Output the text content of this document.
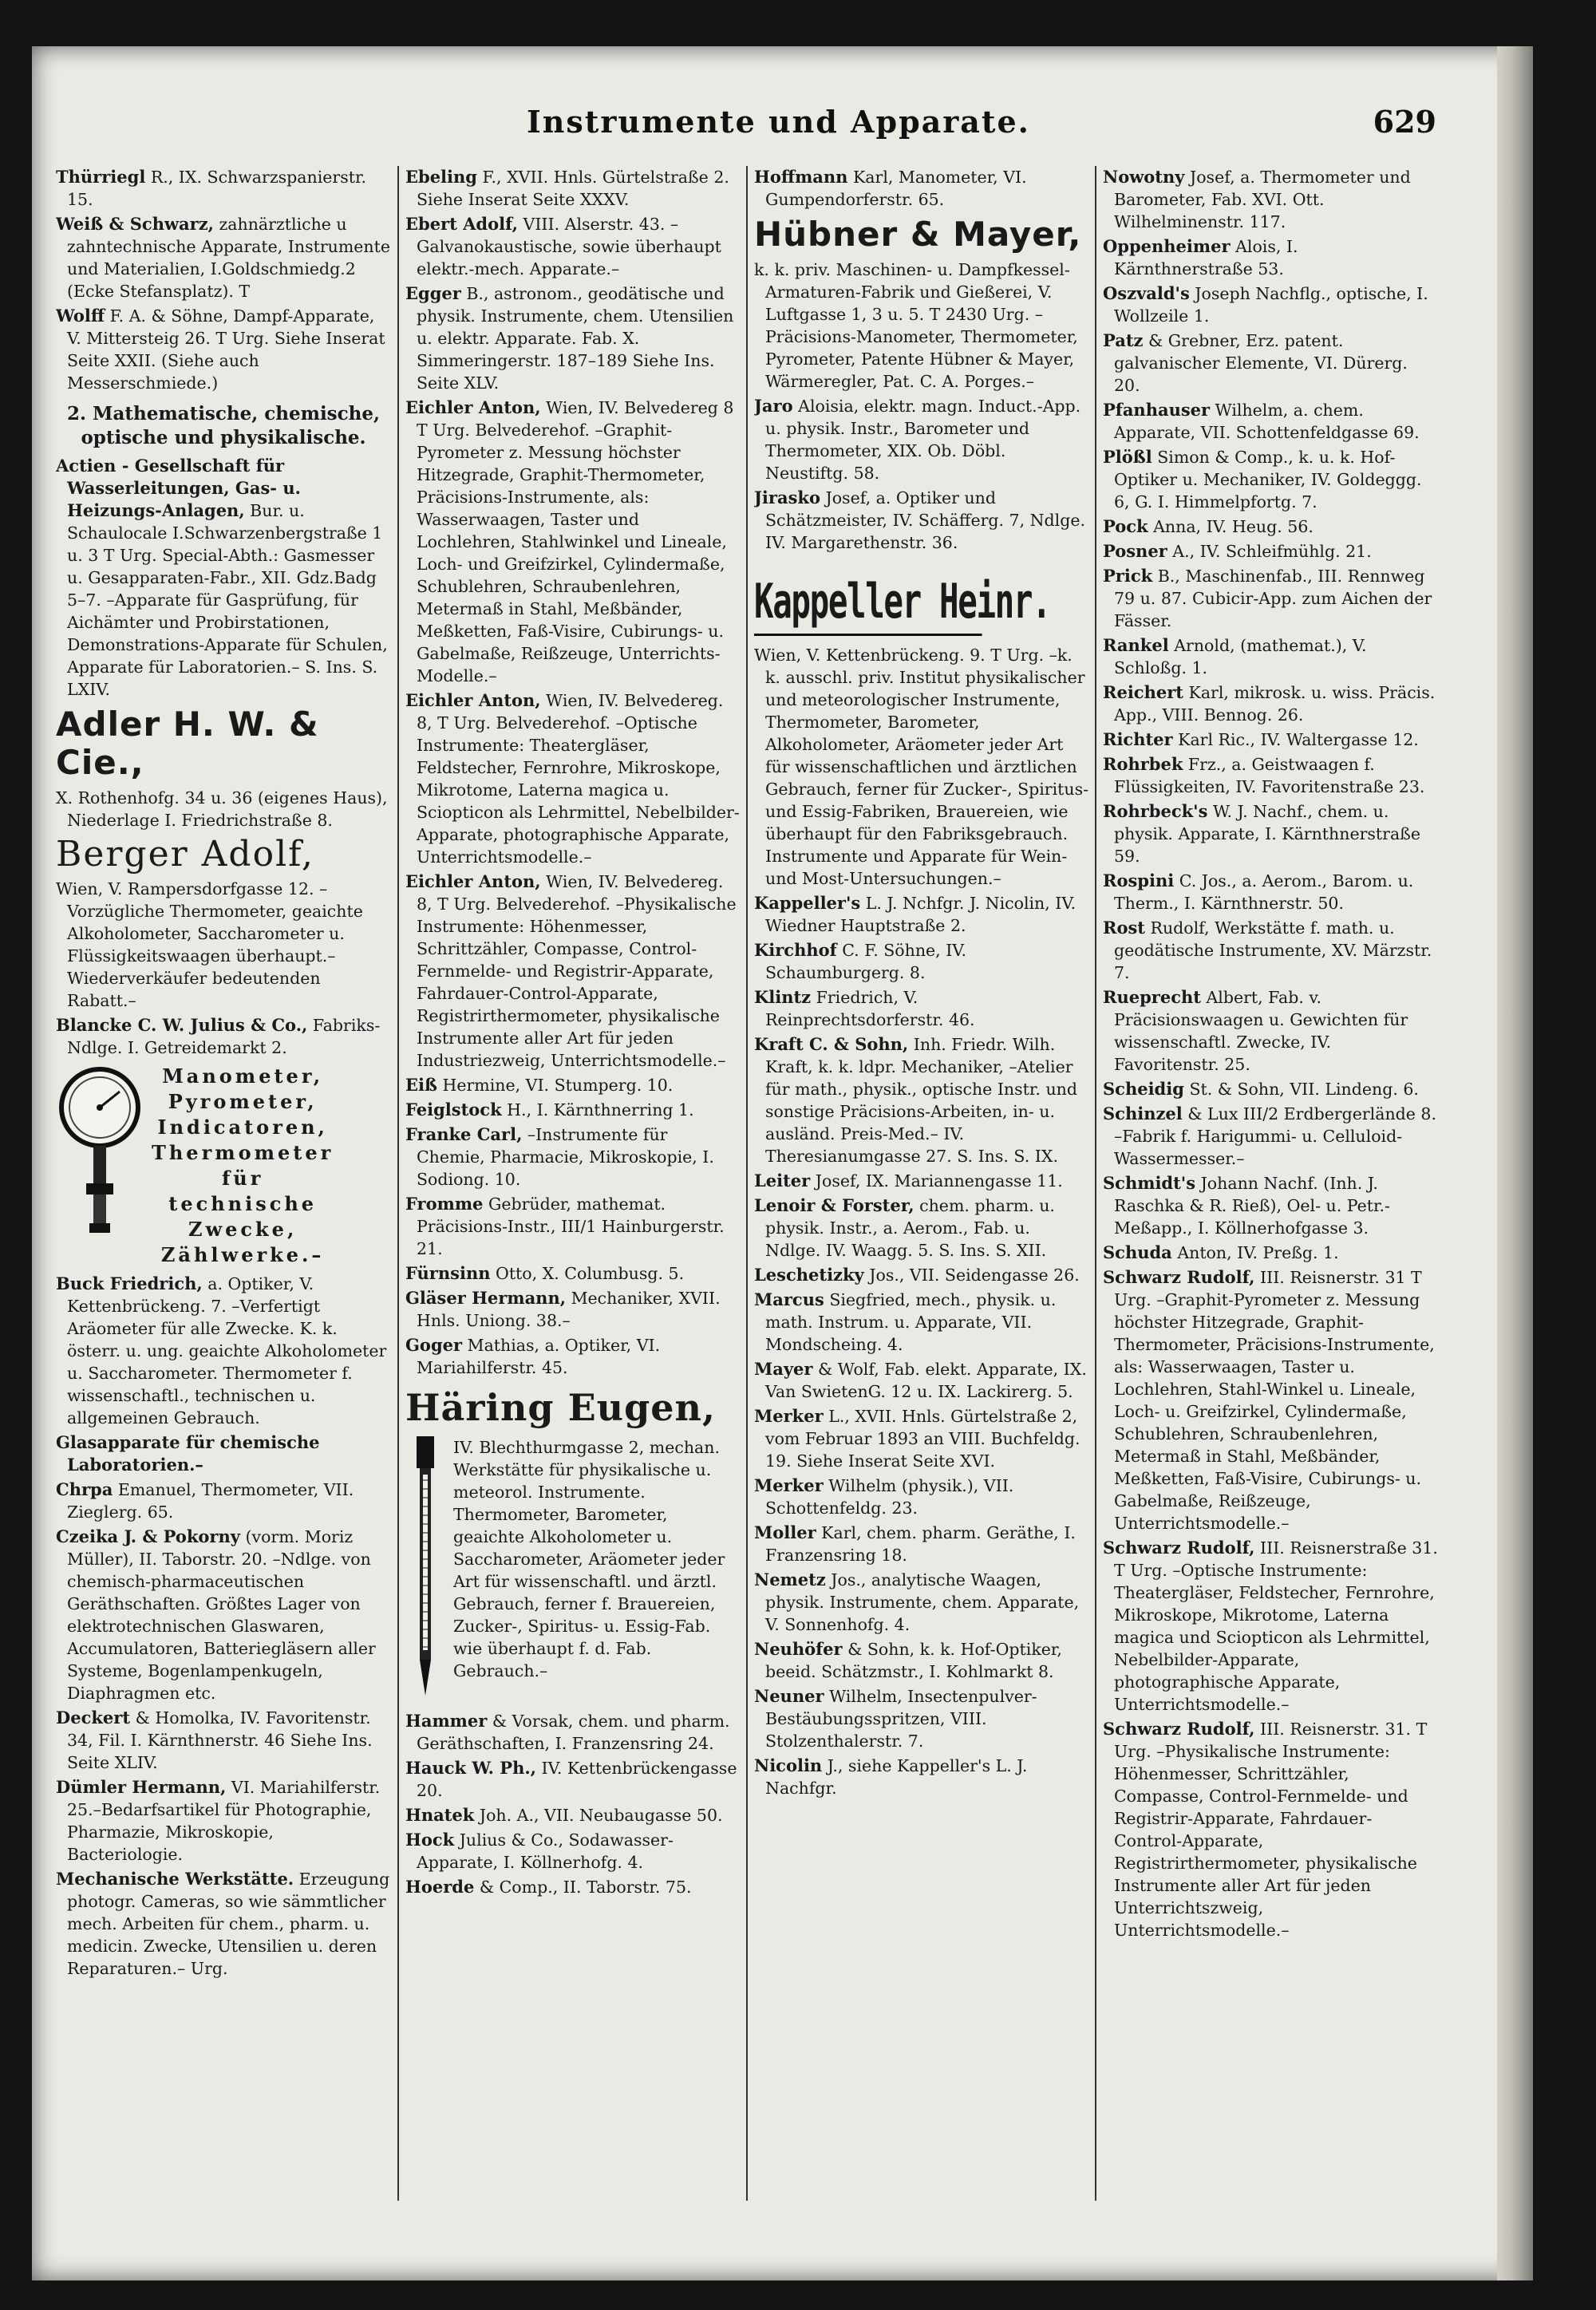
Instrumente und Apparate.	629
Thürriegl R., IX. Schwarzspanierstr. 15.
Weiß & Schwarz, zahnärztliche u zahntechnische Apparate, Instrumente und Materialien, I.Goldschmiedg.2 (Ecke Stefansplatz). T
Wolff F. A. & Söhne, Dampf-Apparate, V. Mittersteig 26. T Urg. Siehe Inserat Seite XXII. (Siehe auch Messerschmiede.)
2. Mathematische, chemische, optische und physikalische.
Actien - Gesellschaft für Wasserleitungen, Gas- u. Heizungs-Anlagen, Bur. u. Schaulocale I.Schwarzenbergstraße 1 u. 3 T Urg. Special-Abth.: Gasmesser u. Gesapparaten-Fabr., XII. Gdz.Badg 5–7. –Apparate für Gasprüfung, für Aichämter und Probirstationen, Demonstrations-Apparate für Schulen, Apparate für Laboratorien.– S. Ins. S. LXIV.
Adler H. W. & Cie.,
X. Rothenhofg. 34 u. 36 (eigenes Haus), Niederlage I. Friedrichstraße 8.
Berger Adolf,
Wien, V. Rampersdorfgasse 12. –Vorzügliche Thermometer, geaichte Alkoholometer, Saccharometer u. Flüssigkeitswaagen überhaupt.– Wiederverkäufer bedeutenden Rabatt.–
Blancke C. W. Julius & Co., Fabriks-Ndlge. I. Getreidemarkt 2.
Manometer,
Pyrometer,
Indicatoren,
Thermometer
für
technische
Zwecke,
Zählwerke.–
Buck Friedrich, a. Optiker, V. Kettenbrückeng. 7. –Verfertigt Aräometer für alle Zwecke. K. k. österr. u. ung. geaichte Alkoholometer u. Saccharometer. Thermometer f. wissenschaftl., technischen u. allgemeinen Gebrauch.
Glasapparate für chemische Laboratorien.–
Chrpa Emanuel, Thermometer, VII. Zieglerg. 65.
Czeika J. & Pokorny (vorm. Moriz Müller), II. Taborstr. 20. –Ndlge. von chemisch-pharmaceutischen Geräthschaften. Größtes Lager von elektrotechnischen Glaswaren, Accumulatoren, Batteriegläsern aller Systeme, Bogenlampenkugeln, Diaphragmen etc.
Deckert & Homolka, IV. Favoritenstr. 34, Fil. I. Kärnthnerstr. 46 Siehe Ins. Seite XLIV.
Dümler Hermann, VI. Mariahilferstr. 25.–Bedarfsartikel für Photographie, Pharmazie, Mikroskopie, Bacteriologie.
Mechanische Werkstätte. Erzeugung photogr. Cameras, so wie sämmtlicher mech. Arbeiten für chem., pharm. u. medicin. Zwecke, Utensilien u. deren Reparaturen.– Urg.
Ebeling F., XVII. Hnls. Gürtelstraße 2. Siehe Inserat Seite XXXV.
Ebert Adolf, VIII. Alserstr. 43. –Galvanokaustische, sowie überhaupt elektr.-mech. Apparate.–
Egger B., astronom., geodätische und physik. Instrumente, chem. Utensilien u. elektr. Apparate. Fab. X. Simmeringerstr. 187–189 Siehe Ins. Seite XLV.
Eichler Anton, Wien, IV. Belvedereg 8 T Urg. Belvederehof. –Graphit-Pyrometer z. Messung höchster Hitzegrade, Graphit-Thermometer, Präcisions-Instrumente, als: Wasserwaagen, Taster und Lochlehren, Stahlwinkel und Lineale, Loch- und Greifzirkel, Cylindermaße, Schublehren, Schraubenlehren, Metermaß in Stahl, Meßbänder, Meßketten, Faß-Visire, Cubirungs- u. Gabelmaße, Reißzeuge, Unterrichts-Modelle.–
Eichler Anton, Wien, IV. Belvedereg. 8, T Urg. Belvederehof. –Optische Instrumente: Theatergläser, Feldstecher, Fernrohre, Mikroskope, Mikrotome, Laterna magica u. Sciopticon als Lehrmittel, Nebelbilder-Apparate, photographische Apparate, Unterrichtsmodelle.–
Eichler Anton, Wien, IV. Belvedereg. 8, T Urg. Belvederehof. –Physikalische Instrumente: Höhenmesser, Schrittzähler, Compasse, Control-Fernmelde- und Registrir-Apparate, Fahrdauer-Control-Apparate, Registrirthermometer, physikalische Instrumente aller Art für jeden Industriezweig, Unterrichtsmodelle.–
Eiß Hermine, VI. Stumperg. 10.
Feiglstock H., I. Kärnthnerring 1.
Franke Carl, –Instrumente für Chemie, Pharmacie, Mikroskopie, I. Sodiong. 10.
Fromme Gebrüder, mathemat. Präcisions-Instr., III/1 Hainburgerstr. 21.
Fürnsinn Otto, X. Columbusg. 5.
Gläser Hermann, Mechaniker, XVII. Hnls. Uniong. 38.–
Goger Mathias, a. Optiker, VI. Mariahilferstr. 45.
Häring Eugen,
IV. Blechthurmgasse 2, mechan. Werkstätte für physikalische u. meteorol. Instrumente. Thermometer, Barometer, geaichte Alkoholometer u. Saccharometer, Aräometer jeder Art für wissenschaftl. und ärztl. Gebrauch, ferner f. Brauereien, Zucker-, Spiritus- u. Essig-Fab. wie überhaupt f. d. Fab. Gebrauch.–
Hammer & Vorsak, chem. und pharm. Geräthschaften, I. Franzensring 24.
Hauck W. Ph., IV. Kettenbrückengasse 20.
Hnatek Joh. A., VII. Neubaugasse 50.
Hock Julius & Co., Sodawasser-Apparate, I. Köllnerhofg. 4.
Hoerde & Comp., II. Taborstr. 75.
Hoffmann Karl, Manometer, VI. Gumpendorferstr. 65.
Hübner & Mayer,
k. k. priv. Maschinen- u. Dampfkessel-Armaturen-Fabrik und Gießerei, V. Luftgasse 1, 3 u. 5. T 2430 Urg. –Präcisions-Manometer, Thermometer, Pyrometer, Patente Hübner & Mayer, Wärmeregler, Pat. C. A. Porges.–
Jaro Aloisia, elektr. magn. Induct.-App. u. physik. Instr., Barometer und Thermometer, XIX. Ob. Döbl. Neustiftg. 58.
Jirasko Josef, a. Optiker und Schätzmeister, IV. Schäfferg. 7, Ndlge. IV. Margarethenstr. 36.
Kappeller Heinr.
Wien, V. Kettenbrückeng. 9. T Urg. –k. k. ausschl. priv. Institut physikalischer und meteorologischer Instrumente, Thermometer, Barometer, Alkoholometer, Aräometer jeder Art für wissenschaftlichen und ärztlichen Gebrauch, ferner für Zucker-, Spiritus- und Essig-Fabriken, Brauereien, wie überhaupt für den Fabriksgebrauch. Instrumente und Apparate für Wein- und Most-Untersuchungen.–
Kappeller's L. J. Nchfgr. J. Nicolin, IV. Wiedner Hauptstraße 2.
Kirchhof C. F. Söhne, IV. Schaumburgerg. 8.
Klintz Friedrich, V. Reinprechtsdorferstr. 46.
Kraft C. & Sohn, Inh. Friedr. Wilh. Kraft, k. k. ldpr. Mechaniker, –Atelier für math., physik., optische Instr. und sonstige Präcisions-Arbeiten, in- u. ausländ. Preis-Med.– IV. Theresianumgasse 27. S. Ins. S. IX.
Leiter Josef, IX. Mariannengasse 11.
Lenoir & Forster, chem. pharm. u. physik. Instr., a. Aerom., Fab. u. Ndlge. IV. Waagg. 5. S. Ins. S. XII.
Leschetizky Jos., VII. Seidengasse 26.
Marcus Siegfried, mech., physik. u. math. Instrum. u. Apparate, VII. Mondscheing. 4.
Mayer & Wolf, Fab. elekt. Apparate, IX. Van SwietenG. 12 u. IX. Lackirerg. 5.
Merker L., XVII. Hnls. Gürtelstraße 2, vom Februar 1893 an VIII. Buchfeldg. 19. Siehe Inserat Seite XVI.
Merker Wilhelm (physik.), VII. Schottenfeldg. 23.
Moller Karl, chem. pharm. Geräthe, I. Franzensring 18.
Nemetz Jos., analytische Waagen, physik. Instrumente, chem. Apparate, V. Sonnenhofg. 4.
Neuhöfer & Sohn, k. k. Hof-Optiker, beeid. Schätzmstr., I. Kohlmarkt 8.
Neuner Wilhelm, Insectenpulver-Bestäubungsspritzen, VIII. Stolzenthalerstr. 7.
Nicolin J., siehe Kappeller's L. J. Nachfgr.
Nowotny Josef, a. Thermometer und Barometer, Fab. XVI. Ott. Wilhelminenstr. 117.
Oppenheimer Alois, I. Kärnthnerstraße 53.
Oszvald's Joseph Nachflg., optische, I. Wollzeile 1.
Patz & Grebner, Erz. patent. galvanischer Elemente, VI. Dürerg. 20.
Pfanhauser Wilhelm, a. chem. Apparate, VII. Schottenfeldgasse 69.
Plößl Simon & Comp., k. u. k. Hof-Optiker u. Mechaniker, IV. Goldeggg. 6, G. I. Himmelpfortg. 7.
Pock Anna, IV. Heug. 56.
Posner A., IV. Schleifmühlg. 21.
Prick B., Maschinenfab., III. Rennweg 79 u. 87. Cubicir-App. zum Aichen der Fässer.
Rankel Arnold, (mathemat.), V. Schloßg. 1.
Reichert Karl, mikrosk. u. wiss. Präcis. App., VIII. Bennog. 26.
Richter Karl Ric., IV. Waltergasse 12.
Rohrbek Frz., a. Geistwaagen f. Flüssigkeiten, IV. Favoritenstraße 23.
Rohrbeck's W. J. Nachf., chem. u. physik. Apparate, I. Kärnthnerstraße 59.
Rospini C. Jos., a. Aerom., Barom. u. Therm., I. Kärnthnerstr. 50.
Rost Rudolf, Werkstätte f. math. u. geodätische Instrumente, XV. Märzstr. 7.
Rueprecht Albert, Fab. v. Präcisionswaagen u. Gewichten für wissenschaftl. Zwecke, IV. Favoritenstr. 25.
Scheidig St. & Sohn, VII. Lindeng. 6.
Schinzel & Lux III/2 Erdbergerlände 8. –Fabrik f. Harigummi- u. Celluloid-Wassermesser.–
Schmidt's Johann Nachf. (Inh. J. Raschka & R. Rieß), Oel- u. Petr.-Meßapp., I. Köllnerhofgasse 3.
Schuda Anton, IV. Preßg. 1.
Schwarz Rudolf, III. Reisnerstr. 31 T Urg. –Graphit-Pyrometer z. Messung höchster Hitzegrade, Graphit-Thermometer, Präcisions-Instrumente, als: Wasserwaagen, Taster u. Lochlehren, Stahl-Winkel u. Lineale, Loch- u. Greifzirkel, Cylindermaße, Schublehren, Schraubenlehren, Metermaß in Stahl, Meßbänder, Meßketten, Faß-Visire, Cubirungs- u. Gabelmaße, Reißzeuge, Unterrichtsmodelle.–
Schwarz Rudolf, III. Reisnerstraße 31. T Urg. –Optische Instrumente: Theatergläser, Feldstecher, Fernrohre, Mikroskope, Mikrotome, Laterna magica und Sciopticon als Lehrmittel, Nebelbilder-Apparate, photographische Apparate, Unterrichtsmodelle.–
Schwarz Rudolf, III. Reisnerstr. 31. T Urg. –Physikalische Instrumente: Höhenmesser, Schrittzähler, Compasse, Control-Fernmelde- und Registrir-Apparate, Fahrdauer-Control-Apparate, Registrirthermometer, physikalische Instrumente aller Art für jeden Unterrichtszweig, Unterrichtsmodelle.–
